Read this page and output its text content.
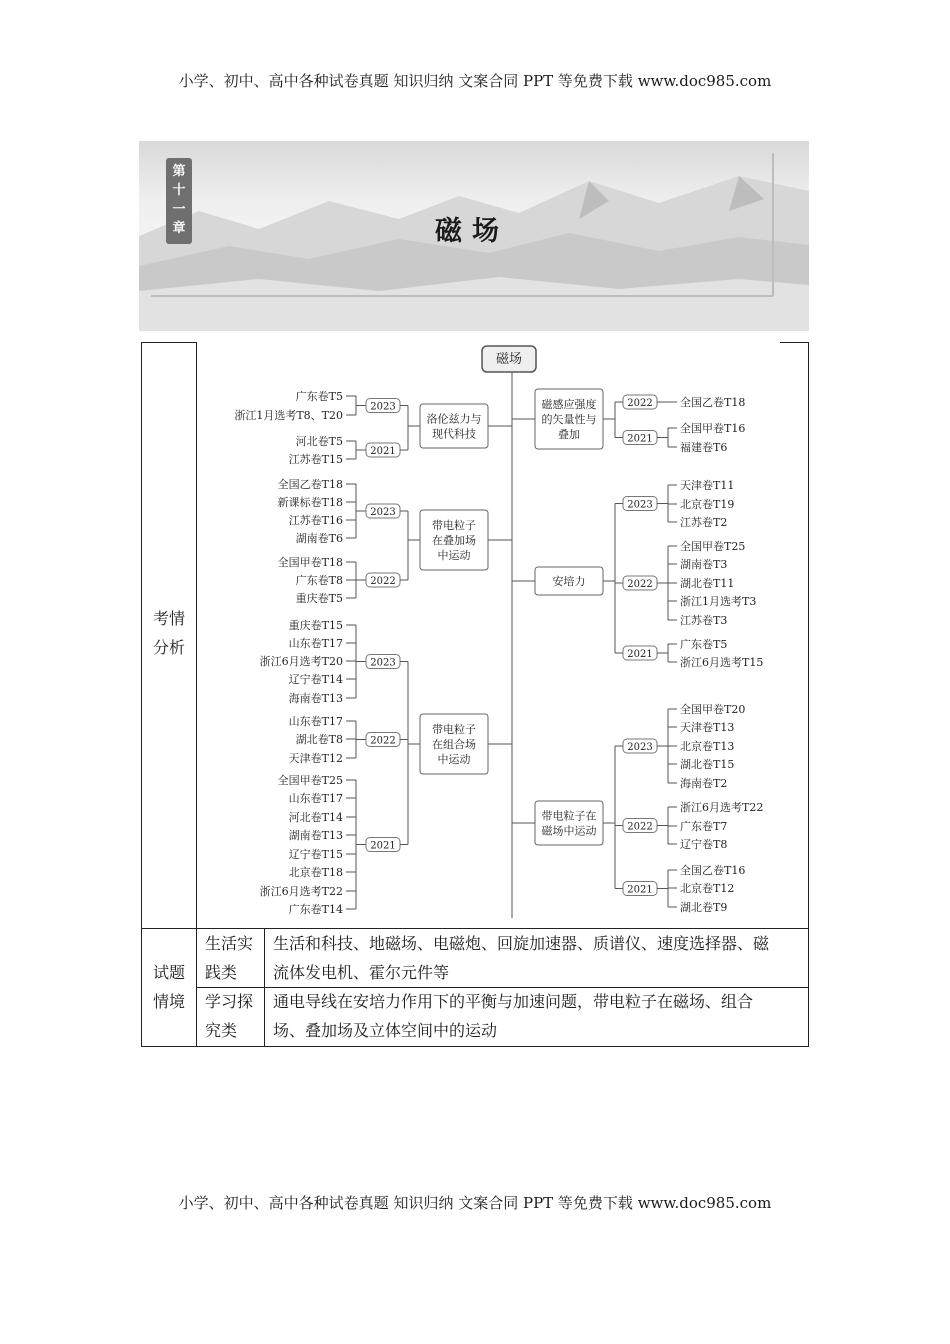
小学、初中、高中各种试卷真题 知识归纳 文案合同 PPT 等免费下载 www.doc985.com
第
十
一
章	磁场
考情
分析
试题
情境
生活实
践类
生活和科技、地磁场、电磁炮、回旋加速器、质谱仪、速度选择器、磁
流体发电机、霍尔元件等
学习探
究类
通电导线在安培力作用下的平衡与加速问题，带电粒子在磁场、组合
场、叠加场及立体空间中的运动
磁场
洛伦兹力与
现代科技
广东卷T5
浙江1月选考T8、T20
2023
河北卷T5
江苏卷T15
2021
带电粒子
在叠加场
中运动
全国乙卷T18
新课标卷T18
江苏卷T16
湖南卷T6
2023
全国甲卷T18
广东卷T8
重庆卷T5
2022
带电粒子
在组合场
中运动
重庆卷T15
山东卷T17
浙江6月选考T20
辽宁卷T14
海南卷T13
2023
山东卷T17
湖北卷T8
天津卷T12
2022
全国甲卷T25
山东卷T17
河北卷T14
湖南卷T13
辽宁卷T15
北京卷T18
浙江6月选考T22
广东卷T14
2021
磁感应强度
的矢量性与
叠加
2022 全国乙卷T18
2021
全国甲卷T16
福建卷T6
安培力
2023
天津卷T11
北京卷T19
江苏卷T2
2022
全国甲卷T25
湖南卷T3
湖北卷T11
浙江1月选考T3
江苏卷T3
2021
广东卷T5
浙江6月选考T15
带电粒子在
磁场中运动
2023
全国甲卷T20
天津卷T13
北京卷T13
湖北卷T15
海南卷T2
2022
浙江6月选考T22
广东卷T7
辽宁卷T8
2021
全国乙卷T16
北京卷T12
湖北卷T9
小学、初中、高中各种试卷真题 知识归纳 文案合同 PPT 等免费下载 www.doc985.com
